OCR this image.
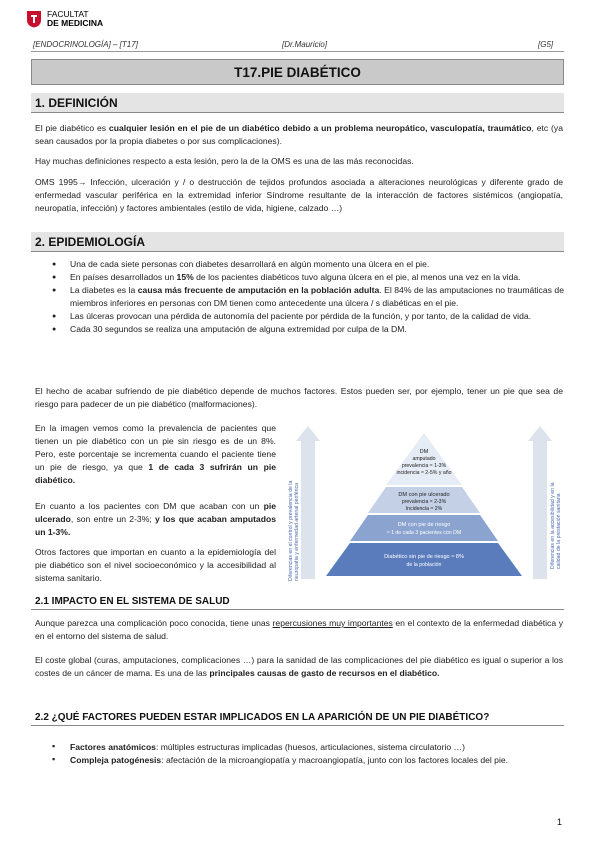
FACULTAT
DE MEDICINA
[ENDOCRINOLOGÍA] – [T17]	[Dr.Mauricio]	[G5]
T17.PIE DIABÉTICO
1. DEFINICIÓN
El pie diabético es cualquier lesión en el pie de un diabético debido a un problema neuropático, vasculopatía, traumático, etc (ya sean causados por la propia diabetes o por sus complicaciones).
Hay muchas definiciones respecto a esta lesión, pero la de la OMS es una de las más reconocidas.
OMS 1995→ Infección, ulceración y / o destrucción de tejidos profundos asociada a alteraciones neurológicas y diferente grado de enfermedad vascular periférica en la extremidad inferior Síndrome resultante de la interacción de factores sistémicos (angiopatía, neuropatía, infección) y factores ambientales (estilo de vida, higiene, calzado …)
2. EPIDEMIOLOGÍA
● Una de cada siete personas con diabetes desarrollará en algún momento una úlcera en el pie.
● En países desarrollados un 15% de los pacientes diabéticos tuvo alguna úlcera en el pie, al menos una vez en la vida.
● La diabetes es la causa más frecuente de amputación en la población adulta. El 84% de las amputaciones no traumáticas de miembros inferiores en personas con DM tienen como antecedente una úlcera / s diabéticas en el pie.
● Las úlceras provocan una pérdida de autonomía del paciente por pérdida de la función, y por tanto, de la calidad de vida.
● Cada 30 segundos se realiza una amputación de alguna extremidad por culpa de la DM.
El hecho de acabar sufriendo de pie diabético depende de muchos factores. Estos pueden ser, por ejemplo, tener un pie que sea de riesgo para padecer de un pie diabético (malformaciones).
En la imagen vemos como la prevalencia de pacientes que tienen un pie diabético con un pie sin riesgo es de un 8%. Pero, este porcentaje se incrementa cuando el paciente tiene un pie de riesgo, ya que 1 de cada 3 sufrirán un pie diabético.
En cuanto a los pacientes con DM que acaban con un pie ulcerado, son entre un 2-3%; y los que acaban amputados un 1-3%.
Otros factores que importan en cuanto a la epidemiología del pie diabético son el nivel socioeconómico y la accesibilidad al sistema sanitario.	Diferencias en el control y prevalencia de la neuropatía y enfermedad arterial periférica	Diferencias en la accesibilidad y en la calidad de la prestación sanitaria
DM
amputado
prevalencia ≈ 1-3%
incidencia ≈ 2-5% y año
DM con pie ulcerado
prevalencia ≈ 2-3%
Incidencia ≈ 2%
DM con pie de riesgo
≈ 1 de cada 3 pacientes con DM
Diabético sin pie de riesgo ≈ 8%
de la población
2.1 IMPACTO EN EL SISTEMA DE SALUD
Aunque parezca una complicación poco conocida, tiene unas repercusiones muy importantes en el contexto de la enfermedad diabética y en el entorno del sistema de salud.
El coste global (curas, amputaciones, complicaciones …) para la sanidad de las complicaciones del pie diabético es igual o superior a los costes de un cáncer de mama. Es una de las principales causas de gasto de recursos en el diabético.
2.2 ¿QUÉ FACTORES PUEDEN ESTAR IMPLICADOS EN LA APARICIÓN DE UN PIE DIABÉTICO?
▪ Factores anatómicos: múltiples estructuras implicadas (huesos, articulaciones, sistema circulatorio …)
▪ Compleja patogénesis: afectación de la microangiopatía y macroangiopatía, junto con los factores locales del pie.
1
